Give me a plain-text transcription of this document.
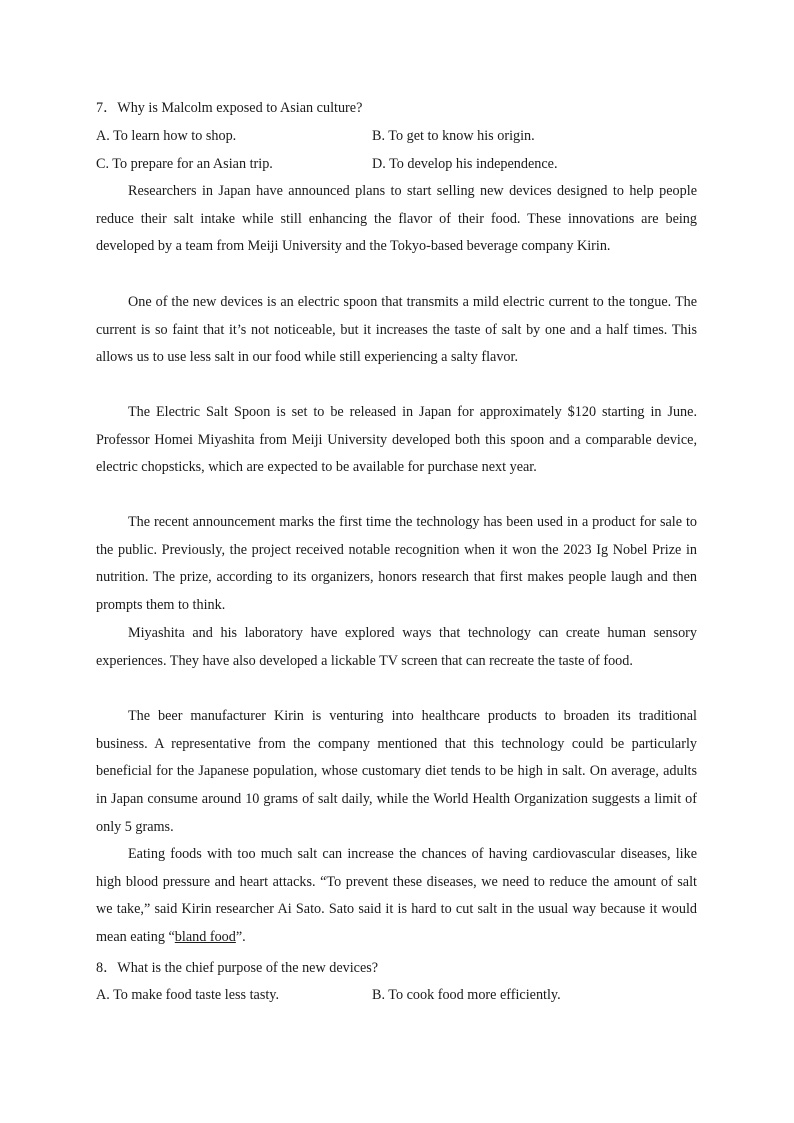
7．Why is Malcolm exposed to Asian culture?
A. To learn how to shop.	B. To get to know his origin.
C. To prepare for an Asian trip.	D. To develop his independence.

Researchers in Japan have announced plans to start selling new devices designed to help people reduce their salt intake while still enhancing the flavor of their food. These innovations are being developed by a team from Meiji University and the Tokyo-based beverage company Kirin.

One of the new devices is an electric spoon that transmits a mild electric current to the tongue. The current is so faint that it’s not noticeable, but it increases the taste of salt by one and a half times. This allows us to use less salt in our food while still experiencing a salty flavor.

The Electric Salt Spoon is set to be released in Japan for approximately $120 starting in June. Professor Homei Miyashita from Meiji University developed both this spoon and a comparable device, electric chopsticks, which are expected to be available for purchase next year.

The recent announcement marks the first time the technology has been used in a product for sale to the public. Previously, the project received notable recognition when it won the 2023 Ig Nobel Prize in nutrition. The prize, according to its organizers, honors research that first makes people laugh and then prompts them to think.

Miyashita and his laboratory have explored ways that technology can create human sensory experiences. They have also developed a lickable TV screen that can recreate the taste of food.

The beer manufacturer Kirin is venturing into healthcare products to broaden its traditional business. A representative from the company mentioned that this technology could be particularly beneficial for the Japanese population, whose customary diet tends to be high in salt. On average, adults in Japan consume around 10 grams of salt daily, while the World Health Organization suggests a limit of only 5 grams.

Eating foods with too much salt can increase the chances of having cardiovascular diseases, like high blood pressure and heart attacks. “To prevent these diseases, we need to reduce the amount of salt we take,” said Kirin researcher Ai Sato. Sato said it is hard to cut salt in the usual way because it would mean eating “bland food”.

8．What is the chief purpose of the new devices?
A. To make food taste less tasty.	B. To cook food more efficiently.
